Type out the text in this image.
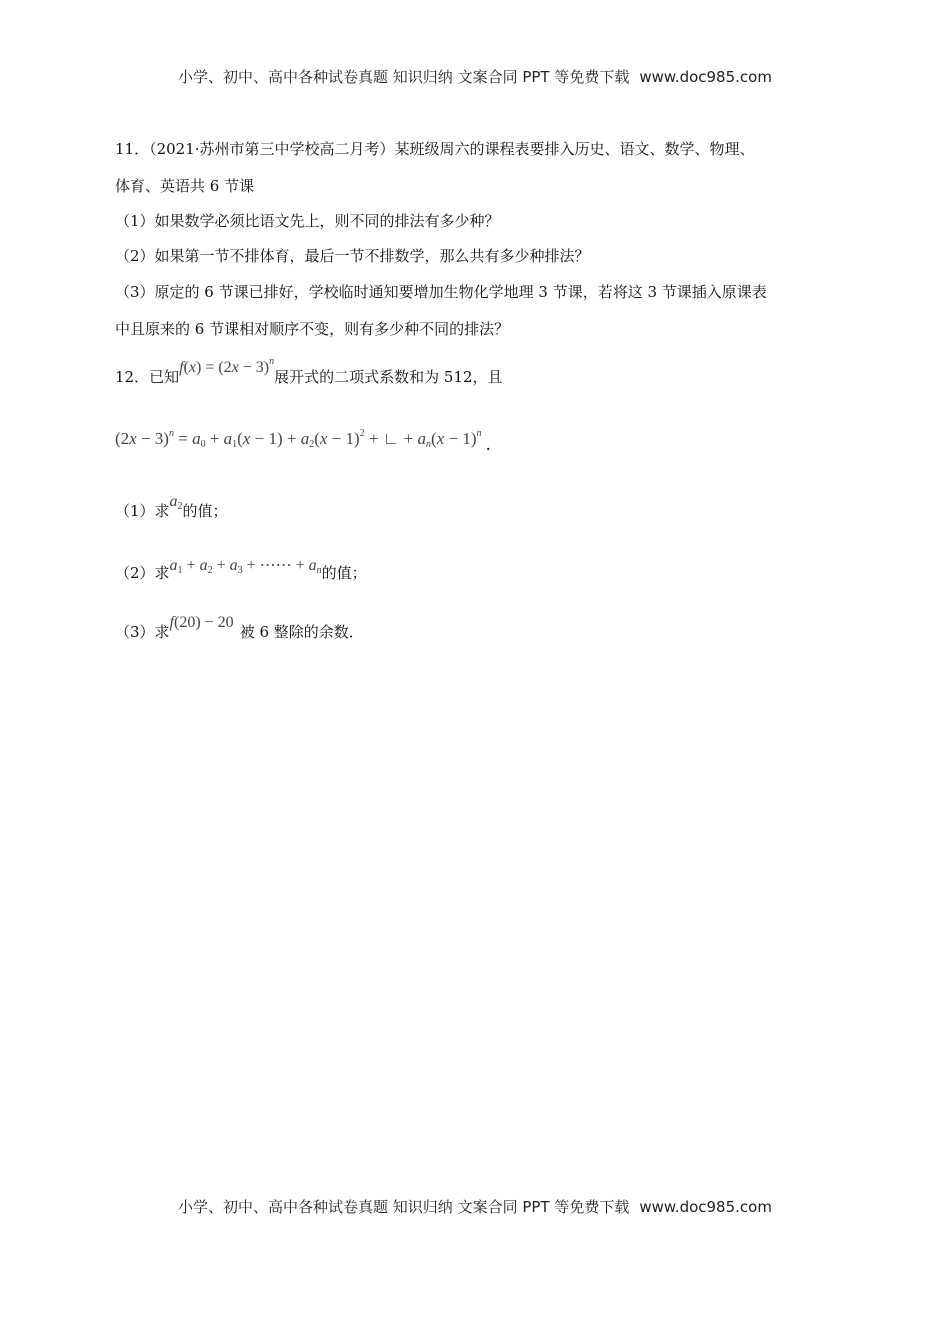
小学、初中、高中各种试卷真题 知识归纳 文案合同 PPT 等免费下载 www.doc985.com
11．（2021·苏州市第三中学校高二月考）某班级周六的课程表要排入历史、语文、数学、物理、
体育、英语共 6 节课
（1）如果数学必须比语文先上，则不同的排法有多少种？
（2）如果第一节不排体育，最后一节不排数学，那么共有多少种排法？
（3）原定的 6 节课已排好，学校临时通知要增加生物化学地理 3 节课，若将这 3 节课插入原课表
中且原来的 6 节课相对顺序不变，则有多少种不同的排法？
12．已知$f(x) = (2x - 3)^n$展开式的二项式系数和为 512，且
$(2x - 3)^n = a_0 + a_1(x - 1) + a_2(x - 1)^2$ + ∟ + $a_n(x - 1)^n$.
（1）求$a_2$的值；
（2）求$a_1 + a_2 + a_3$ + ⋯⋯ + $a_n$的值；
（3）求f(20) − 20被 6 整除的余数．
小学、初中、高中各种试卷真题 知识归纳 文案合同 PPT 等免费下载 www.doc985.com
